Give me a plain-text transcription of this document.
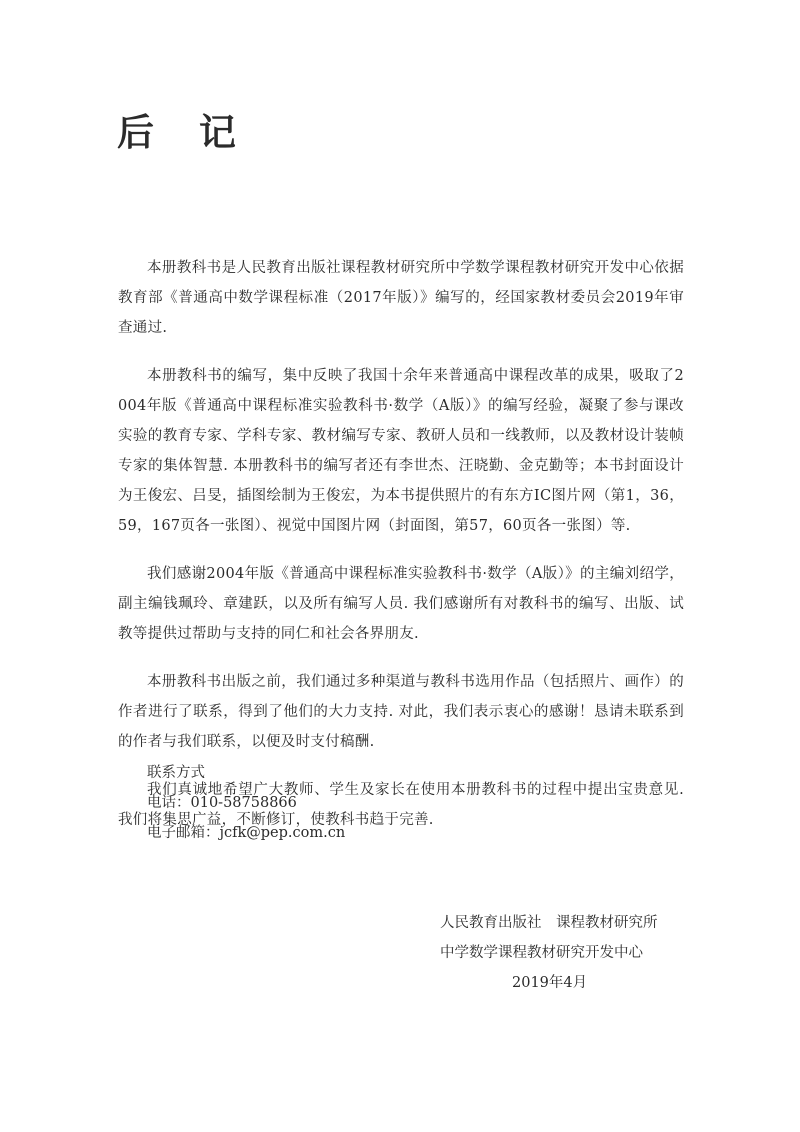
后 记

本册教科书是人民教育出版社课程教材研究所中学数学课程教材研究开发中心依据教育部《普通高中数学课程标准（2017年版）》编写的，经国家教材委员会2019年审查通过.

本册教科书的编写，集中反映了我国十余年来普通高中课程改革的成果，吸取了2004年版《普通高中课程标准实验教科书·数学（A版）》的编写经验，凝聚了参与课改实验的教育专家、学科专家、教材编写专家、教研人员和一线教师，以及教材设计装帧专家的集体智慧. 本册教科书的编写者还有李世杰、汪晓勤、金克勤等；本书封面设计为王俊宏、吕旻，插图绘制为王俊宏，为本书提供照片的有东方IC图片网（第1，36，59，167页各一张图）、视觉中国图片网（封面图，第57，60页各一张图）等.

我们感谢2004年版《普通高中课程标准实验教科书·数学（A版）》的主编刘绍学，副主编钱珮玲、章建跃，以及所有编写人员. 我们感谢所有对教科书的编写、出版、试教等提供过帮助与支持的同仁和社会各界朋友.

本册教科书出版之前，我们通过多种渠道与教科书选用作品（包括照片、画作）的作者进行了联系，得到了他们的大力支持. 对此，我们表示衷心的感谢！恳请未联系到的作者与我们联系，以便及时支付稿酬.

我们真诚地希望广大教师、学生及家长在使用本册教科书的过程中提出宝贵意见. 我们将集思广益，不断修订，使教科书趋于完善.

联系方式
电话：010-58758866
电子邮箱：jcfk@pep.com.cn
人民教育出版社　课程教材研究所
中学数学课程教材研究开发中心
2019年4月
